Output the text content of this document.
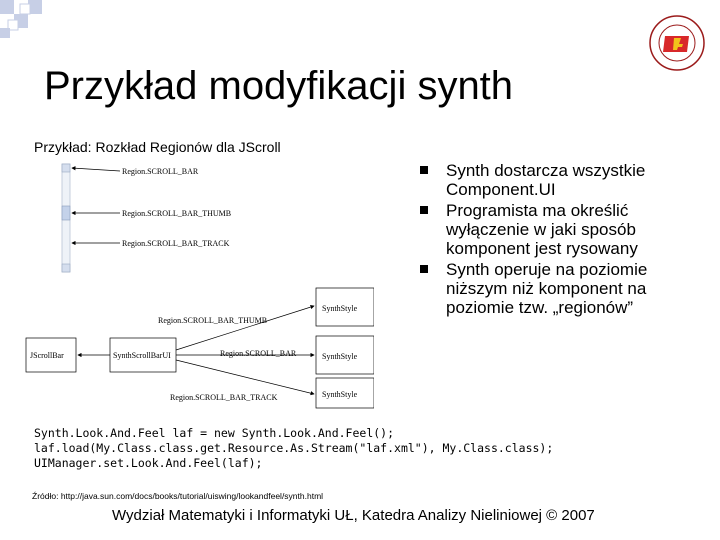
Przykład modyfikacji synth
Przykład: Rozkład Regionów dla JScroll
Region.SCROLL_BAR
Region.SCROLL_BAR_THUMB
Region.SCROLL_BAR_TRACK
JScrollBar	SynthScrollBarUI
SynthStyle
SynthStyle
SynthStyle
Region.SCROLL_BAR_THUMB
Region.SCROLL_BAR
Region.SCROLL_BAR_TRACK
Synth dostarcza wszystkie Component.UI
Programista ma określić wyłączenie w jaki sposób komponent jest rysowany
Synth operuje na poziomie niższym niż komponent na poziomie tzw. „regionów”
Synth.Look.And.Feel laf = new Synth.Look.And.Feel();
laf.load(My.Class.class.get.Resource.As.Stream("laf.xml"), My.Class.class);
UIManager.set.Look.And.Feel(laf);
Źródło: http://java.sun.com/docs/books/tutorial/uiswing/lookandfeel/synth.html
Wydział Matematyki i Informatyki UŁ, Katedra Analizy Nieliniowej © 2007
